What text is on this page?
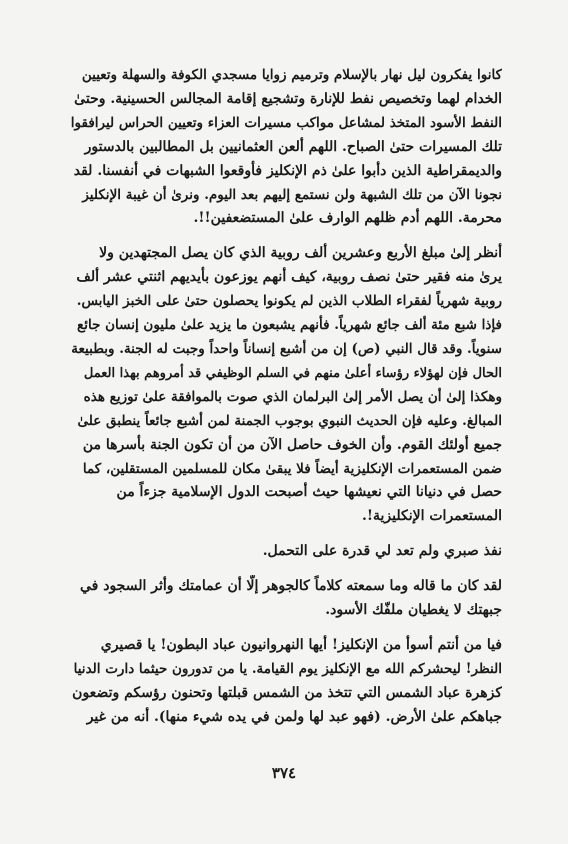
كانوا يفكرون ليل نهار بالإسلام وترميم زوايا مسجدي الكوفة والسهلة وتعيين
الخدام لهما وتخصيص نفط للإنارة وتشجيع إقامة المجالس الحسينية. وحتىٰ
النفط الأسود المتخذ لمشاعل مواكب مسيرات العزاء وتعيين الحراس ليرافقوا
تلك المسيرات حتىٰ الصباح. اللهم ألعن العثمانيين بل المطالبين بالدستور
والديمقراطية الذين دأبوا علىٰ ذم الإنكليز فأوقعوا الشبهات في أنفسنا. لقد
نجونا الآن من تلك الشبهة ولن نستمع إليهم بعد اليوم. ونرىٰ أن غيبة الإنكليز
محرمة. اللهم أدم ظلهم الوارف علىٰ المستضعفين!!.

أنظر إلىٰ مبلغ الأربع وعشرين ألف روبية الذي كان يصل المجتهدين ولا
يرىٰ منه فقير حتىٰ نصف روبية، كيف أنهم يوزعون بأيديهم اثنتي عشر ألف
روبية شهرياً لفقراء الطلاب الذين لم يكونوا يحصلون حتىٰ على الخبز اليابس.
فإذا شبع مئة ألف جائع شهرياً. فأنهم يشبعون ما يزيد علىٰ مليون إنسان جائع
سنوياً. وقد قال النبي (ص) إن من أشبع إنساناً واحداً وجبت له الجنة. وبطبيعة
الحال فإن لهؤلاء رؤساء أعلىٰ منهم في السلم الوظيفي قد أمروهم بهذا العمل
وهكذا إلىٰ أن يصل الأمر إلىٰ البرلمان الذي صوت بالموافقة علىٰ توزيع هذه
المبالغ. وعليه فإن الحديث النبوي بوجوب الجمنة لمن أشبع جائعاً ينطبق علىٰ
جميع أولئك القوم. وأن الخوف حاصل الآن من أن تكون الجنة بأسرها من
ضمن المستعمرات الإنكليزية أيضاً فلا يبقىٰ مكان للمسلمين المستقلين، كما
حصل في دنيانا التي نعيشها حيث أصبحت الدول الإسلامية جزءاً من
المستعمرات الإنكليزية!.

نفذ صبري ولم تعد لي قدرة على التحمل.

لقد كان ما قاله وما سمعته كلاماً كالجوهر إلّا أن عمامتك وأثر السجود في
جبهتك لا يغطيان ملفّك الأسود.

فيا من أنتم أسوأ من الإنكليز! أيها النهروانيون عباد البطون! يا قصيري
النظر! ليحشركم الله مع الإنكليز يوم القيامة. يا من تدورون حيثما دارت الدنيا
كزهرة عباد الشمس التي تتخذ من الشمس قبلتها وتحنون رؤسكم وتضعون
جباهكم علىٰ الأرض. (فهو عبد لها ولمن في يده شيء منها). أنه من غير

٣٧٤
